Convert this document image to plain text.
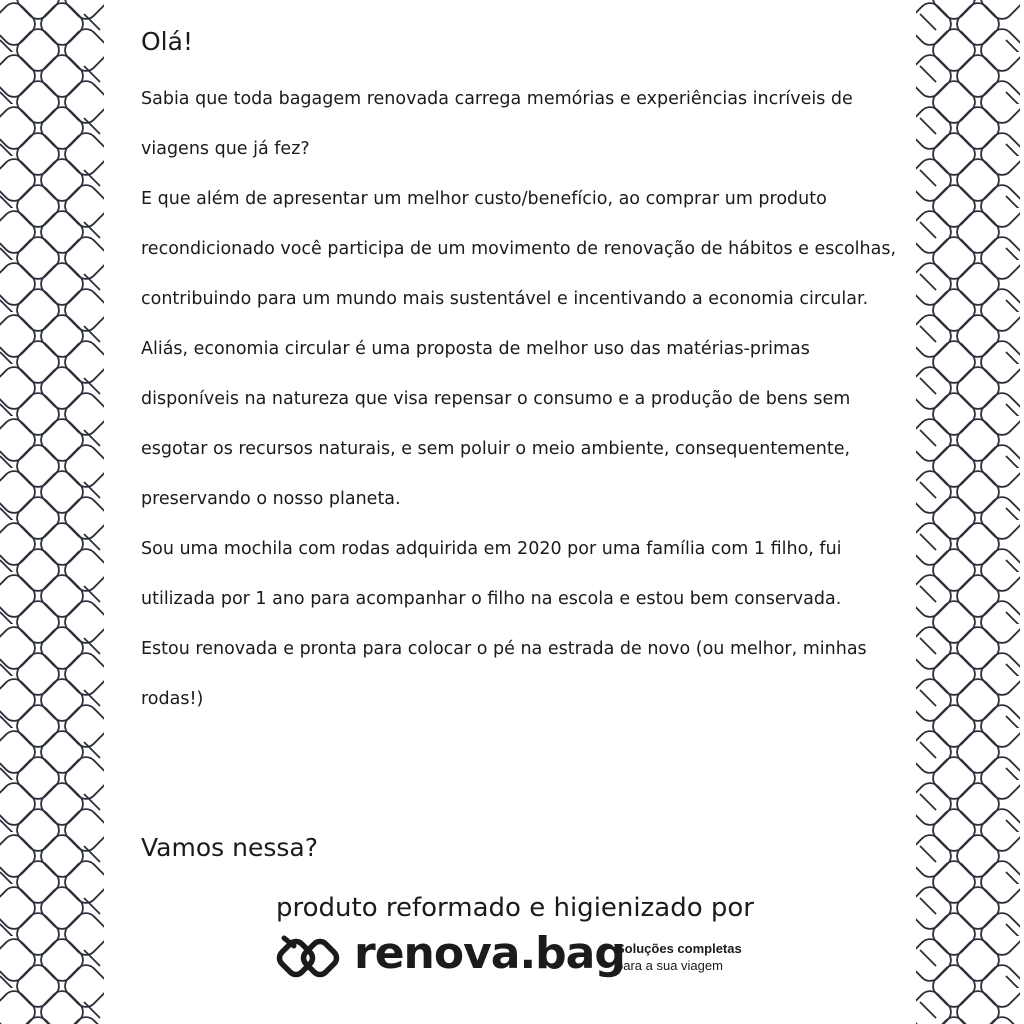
Olá!

Sabia que toda bagagem renovada carrega memórias e experiências incríveis de viagens que já fez?

E que além de apresentar um melhor custo/benefício, ao comprar um produto recondicionado você participa de um movimento de renovação de hábitos e escolhas, contribuindo para um mundo mais sustentável e incentivando a economia circular.

Aliás, economia circular é uma proposta de melhor uso das matérias-primas disponíveis na natureza que visa repensar o consumo e a produção de bens sem esgotar os recursos naturais, e sem poluir o meio ambiente, consequentemente, preservando o nosso planeta.

Sou uma mochila com rodas adquirida em 2020 por uma família com 1 filho, fui utilizada por 1 ano para acompanhar o filho na escola e estou bem conservada.

Estou renovada e pronta para colocar o pé na estrada de novo (ou melhor, minhas rodas!)

Vamos nessa?
produto reformado e higienizado por
renova.bag
Soluções completas
para a sua viagem
